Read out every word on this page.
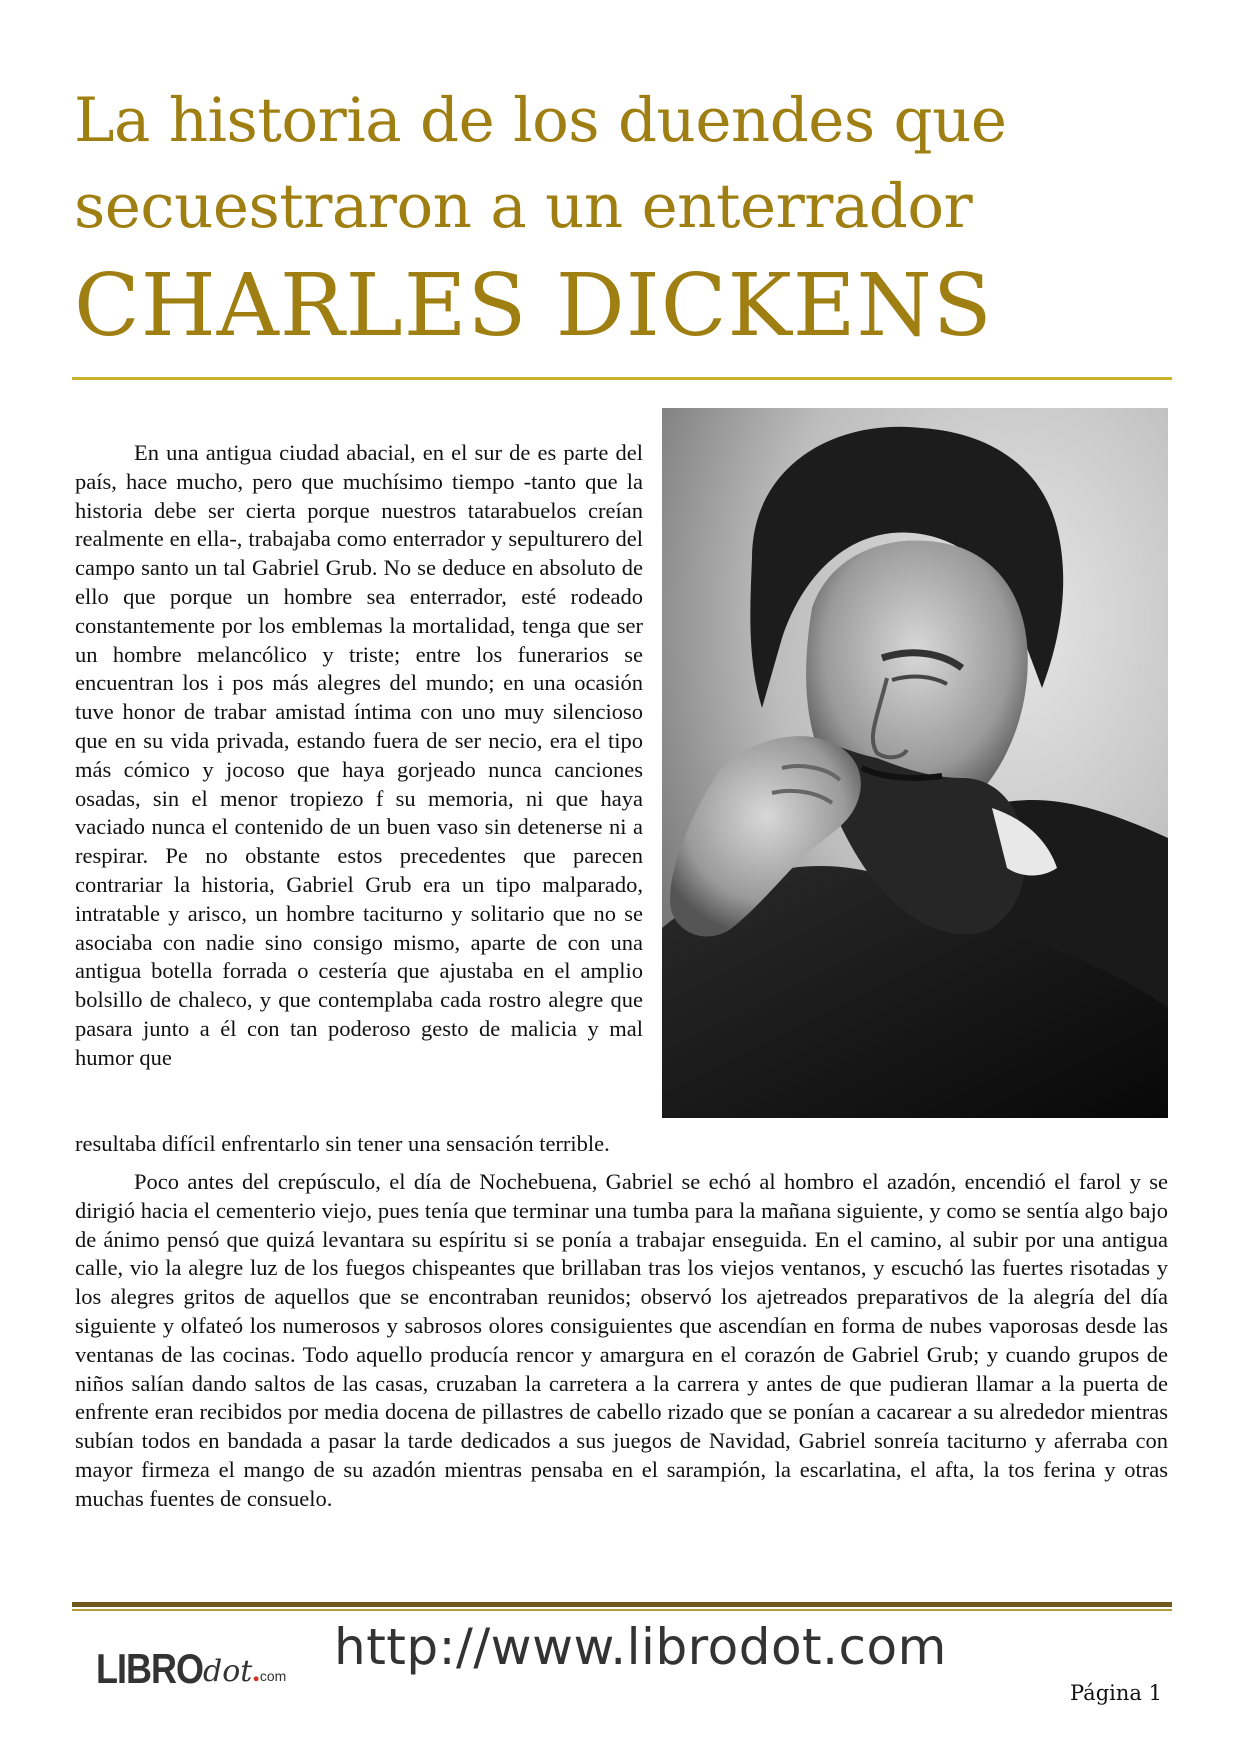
La historia de los duendes que
secuestraron a un enterrador
CHARLES DICKENS

En una antigua ciudad abacial, en el sur de es parte del país, hace mucho, pero que muchísimo tiempo -tanto que la historia debe ser cierta porque nuestros tatarabuelos creían realmente en ella-, trabajaba como enterrador y sepulturero del campo santo un tal Gabriel Grub. No se deduce en absoluto de ello que porque un hombre sea enterrador, esté rodeado constantemente por los emblemas la mortalidad, tenga que ser un hombre melancólico y triste; entre los funerarios se encuentran los i pos más alegres del mundo; en una ocasión tuve honor de trabar amistad íntima con uno muy silencioso que en su vida privada, estando fuera de ser necio, era el tipo más cómico y jocoso que haya gorjeado nunca canciones osadas, sin el menor tropiezo f su memoria, ni que haya vaciado nunca el contenido de un buen vaso sin detenerse ni a respirar. Pe no obstante estos precedentes que parecen contrariar la historia, Gabriel Grub era un tipo malparado, intratable y arisco, un hombre taciturno y solitario que no se asociaba con nadie sino consigo mismo, aparte de con una antigua botella forrada o cestería que ajustaba en el amplio bolsillo de chaleco, y que contemplaba cada rostro alegre que pasara junto a él con tan poderoso gesto de malicia y mal humor que

resultaba difícil enfrentarlo sin tener una sensación terrible.

Poco antes del crepúsculo, el día de Nochebuena, Gabriel se echó al hombro el azadón, encendió el farol y se dirigió hacia el cementerio viejo, pues tenía que terminar una tumba para la mañana siguiente, y como se sentía algo bajo de ánimo pensó que quizá levantara su espíritu si se ponía a trabajar enseguida. En el camino, al subir por una antigua calle, vio la alegre luz de los fuegos chispeantes que brillaban tras los viejos ventanos, y escuchó las fuertes risotadas y los alegres gritos de aquellos que se encontraban reunidos; observó los ajetreados preparativos de la alegría del día siguiente y olfateó los numerosos y sabrosos olores consiguientes que ascendían en forma de nubes vaporosas desde las ventanas de las cocinas. Todo aquello producía rencor y amargura en el corazón de Gabriel Grub; y cuando grupos de niños salían dando saltos de las casas, cruzaban la carretera a la carrera y antes de que pudieran llamar a la puerta de enfrente eran recibidos por media docena de pillastres de cabello rizado que se ponían a cacarear a su alrededor mientras subían todos en bandada a pasar la tarde dedicados a sus juegos de Navidad, Gabriel sonreía taciturno y aferraba con mayor firmeza el mango de su azadón mientras pensaba en el sarampión, la escarlatina, el afta, la tos ferina y otras muchas fuentes de consuelo.

LIBROdot.com http://www.librodot.com
Página 1
